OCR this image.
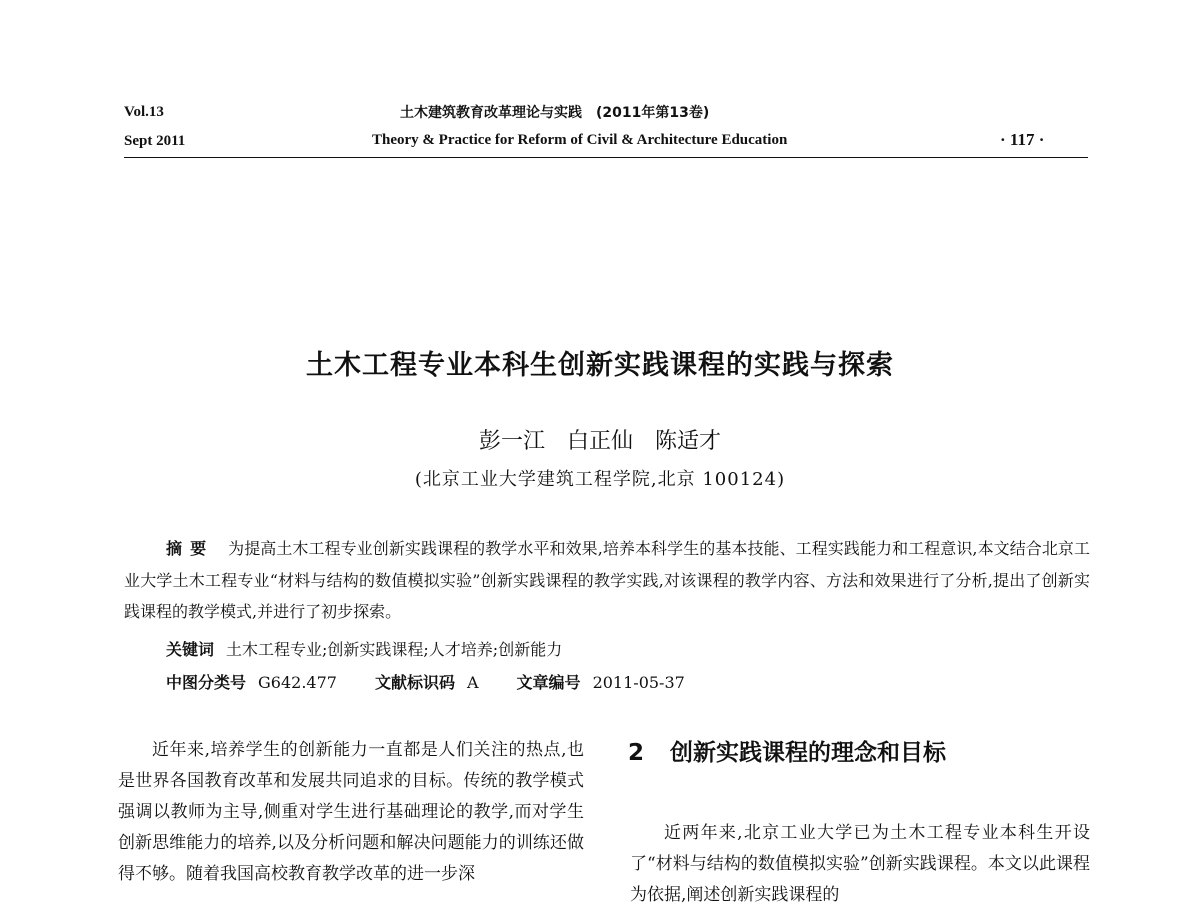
Vol.13
Sept 2011
土木建筑教育改革理论与实践　(2011年第13卷)
Theory & Practice for Reform of Civil & Architecture Education	· 117 ·
土木工程专业本科生创新实践课程的实践与探索
彭一江　白正仙　陈适才
(北京工业大学建筑工程学院,北京 100124)
摘要 为提高土木工程专业创新实践课程的教学水平和效果,培养本科学生的基本技能、工程实践能力和工程意识,本文结合北京工业大学土木工程专业“材料与结构的数值模拟实验”创新实践课程的教学实践,对该课程的教学内容、方法和效果进行了分析,提出了创新实践课程的教学模式,并进行了初步探索。
关键词 土木工程专业;创新实践课程;人才培养;创新能力
中图分类号 G642.477 文献标识码 A 文章编号 2011-05-37

近年来,培养学生的创新能力一直都是人们关注的热点,也是世界各国教育改革和发展共同追求的目标。传统的教学模式强调以教师为主导,侧重对学生进行基础理论的教学,而对学生创新思维能力的培养,以及分析问题和解决问题能力的训练还做得不够。随着我国高校教育教学改革的进一步深

2 创新实践课程的理念和目标

近两年来,北京工业大学已为土木工程专业本科生开设了“材料与结构的数值模拟实验”创新实践课程。本文以此课程为依据,阐述创新实践课程的
